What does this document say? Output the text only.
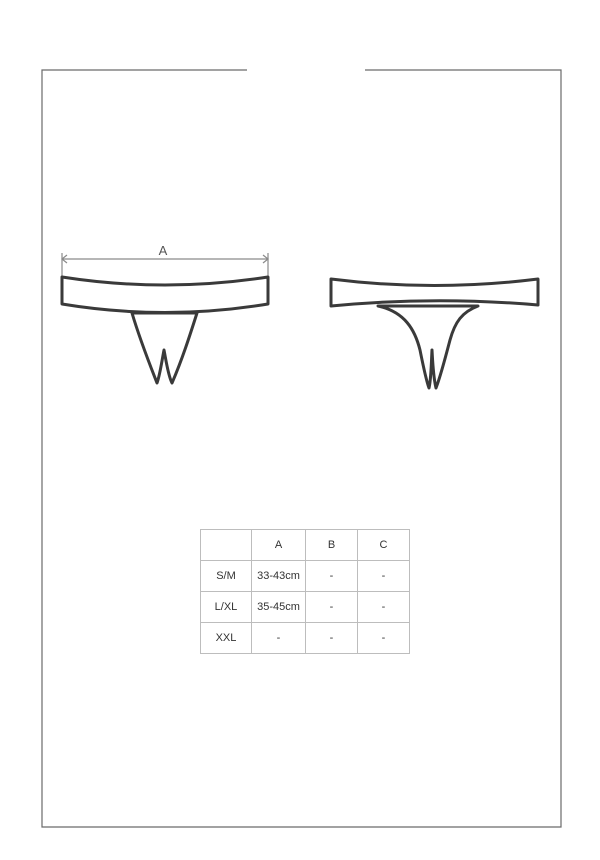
A
	A	B	C
S/M	33-43cm	-	-
L/XL	35-45cm	-	-
XXL	-	-	-
